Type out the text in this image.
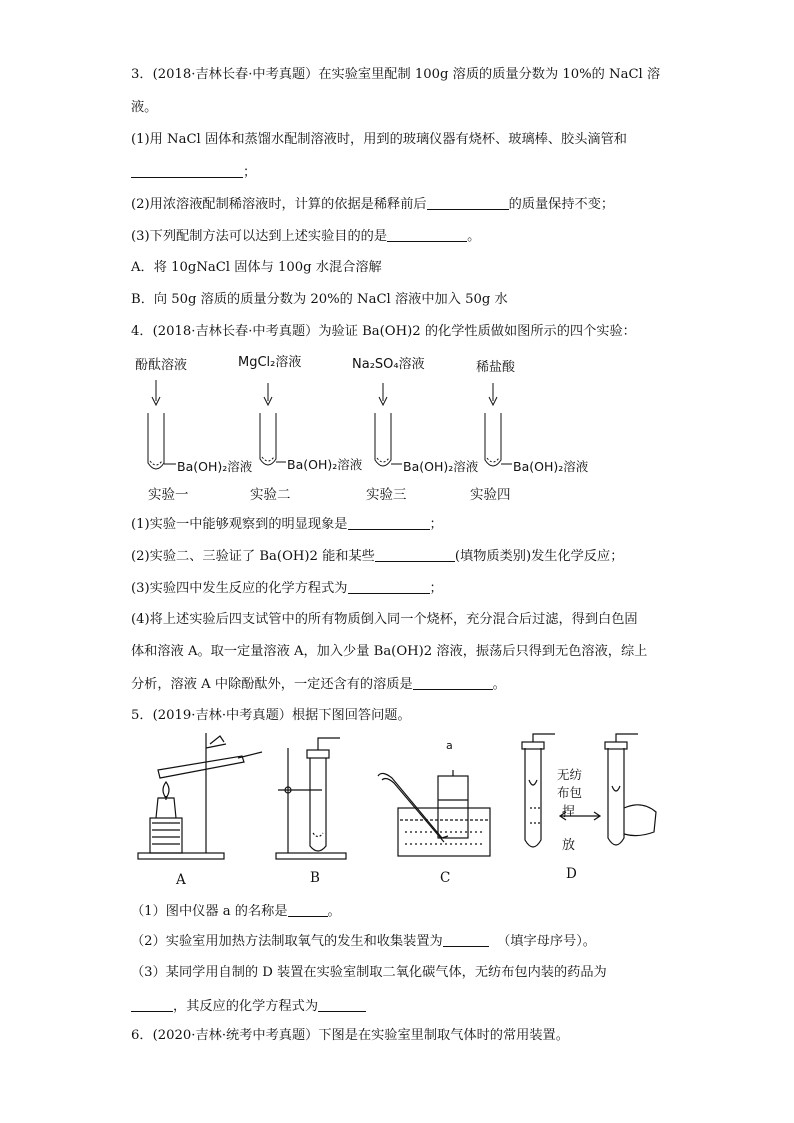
3．(2018·吉林长春·中考真题）在实验室里配制 100g 溶质的质量分数为 10%的 NaCl 溶
液。
(1)用 NaCl 固体和蒸馏水配制溶液时，用到的玻璃仪器有烧杯、玻璃棒、胶头滴管和
；
(2)用浓溶液配制稀溶液时，计算的依据是稀释前后	的质量保持不变；
(3)下列配制方法可以达到上述实验目的的是	。
A．将 10gNaCl 固体与 100g 水混合溶解
B．向 50g 溶质的质量分数为 20%的 NaCl 溶液中加入 50g 水
4．(2018·吉林长春·中考真题）为验证 Ba(OH)2 的化学性质做如图所示的四个实验：
酚酞溶液	MgCl₂溶液	Na₂SO₄溶液	稀盐酸
Ba(OH)₂溶液	Ba(OH)₂溶液	Ba(OH)₂溶液	Ba(OH)₂溶液
实验一	实验二	实验三	实验四
(1)实验一中能够观察到的明显现象是	；
(2)实验二、三验证了 Ba(OH)2 能和某些	(填物质类别)发生化学反应；
(3)实验四中发生反应的化学方程式为	；
(4)将上述实验后四支试管中的所有物质倒入同一个烧杯，充分混合后过滤，得到白色固
体和溶液 A。取一定量溶液 A，加入少量 Ba(OH)2 溶液，振荡后只得到无色溶液，综上
分析，溶液 A 中除酚酞外，一定还含有的溶质是	。
5．(2019·吉林·中考真题）根据下图回答问题。
a
无纺
布包
捏
放
A	B	C	D
（1）图中仪器 a 的名称是	。
（2）实验室用加热方法制取氧气的发生和收集装置为	（填字母序号）。
（3）某同学用自制的 D 装置在实验室制取二氧化碳气体，无纺布包内装的药品为
，其反应的化学方程式为
6．(2020·吉林·统考中考真题）下图是在实验室里制取气体时的常用装置。
